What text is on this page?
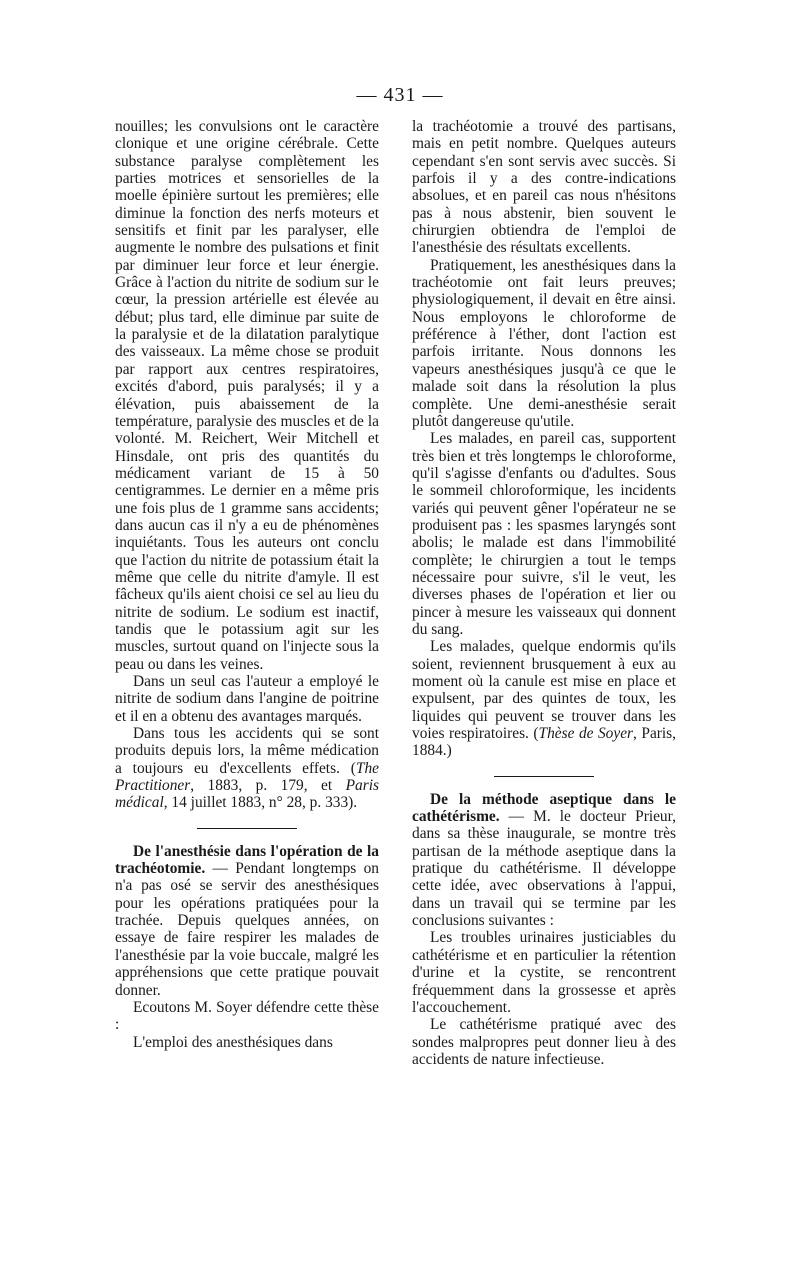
— 431 —

nouilles; les convulsions ont le caractère clonique et une origine cérébrale. Cette substance paralyse complètement les parties motrices et sensorielles de la moelle épinière surtout les premières; elle diminue la fonction des nerfs moteurs et sensitifs et finit par les paralyser, elle augmente le nombre des pulsations et finit par diminuer leur force et leur énergie. Grâce à l'action du nitrite de sodium sur le cœur, la pression artérielle est élevée au début; plus tard, elle diminue par suite de la paralysie et de la dilatation paralytique des vaisseaux. La même chose se produit par rapport aux centres respiratoires, excités d'abord, puis paralysés; il y a élévation, puis abaissement de la température, paralysie des muscles et de la volonté. M. Reichert, Weir Mitchell et Hinsdale, ont pris des quantités du médicament variant de 15 à 50 centigrammes. Le dernier en a même pris une fois plus de 1 gramme sans accidents; dans aucun cas il n'y a eu de phénomènes inquiétants. Tous les auteurs ont conclu que l'action du nitrite de potassium était la même que celle du nitrite d'amyle. Il est fâcheux qu'ils aient choisi ce sel au lieu du nitrite de sodium. Le sodium est inactif, tandis que le potassium agit sur les muscles, surtout quand on l'injecte sous la peau ou dans les veines.

Dans un seul cas l'auteur a employé le nitrite de sodium dans l'angine de poitrine et il en a obtenu des avantages marqués.

Dans tous les accidents qui se sont produits depuis lors, la même médication a toujours eu d'excellents effets. (The Practitioner, 1883, p. 179, et Paris médical, 14 juillet 1883, n° 28, p. 333).

De l'anesthésie dans l'opération de la trachéotomie. — Pendant longtemps on n'a pas osé se servir des anesthésiques pour les opérations pratiquées pour la trachée. Depuis quelques années, on essaye de faire respirer les malades de l'anesthésie par la voie buccale, malgré les appréhensions que cette pratique pouvait donner.

Ecoutons M. Soyer défendre cette thèse :

L'emploi des anesthésiques dans

la trachéotomie a trouvé des partisans, mais en petit nombre. Quelques auteurs cependant s'en sont servis avec succès. Si parfois il y a des contre-indications absolues, et en pareil cas nous n'hésitons pas à nous abstenir, bien souvent le chirurgien obtiendra de l'emploi de l'anesthésie des résultats excellents.

Pratiquement, les anesthésiques dans la trachéotomie ont fait leurs preuves; physiologiquement, il devait en être ainsi. Nous employons le chloroforme de préférence à l'éther, dont l'action est parfois irritante. Nous donnons les vapeurs anesthésiques jusqu'à ce que le malade soit dans la résolution la plus complète. Une demi-anesthésie serait plutôt dangereuse qu'utile.

Les malades, en pareil cas, supportent très bien et très longtemps le chloroforme, qu'il s'agisse d'enfants ou d'adultes. Sous le sommeil chloroformique, les incidents variés qui peuvent gêner l'opérateur ne se produisent pas : les spasmes laryngés sont abolis; le malade est dans l'immobilité complète; le chirurgien a tout le temps nécessaire pour suivre, s'il le veut, les diverses phases de l'opération et lier ou pincer à mesure les vaisseaux qui donnent du sang.

Les malades, quelque endormis qu'ils soient, reviennent brusquement à eux au moment où la canule est mise en place et expulsent, par des quintes de toux, les liquides qui peuvent se trouver dans les voies respiratoires. (Thèse de Soyer, Paris, 1884.)

De la méthode aseptique dans le cathétérisme. — M. le docteur Prieur, dans sa thèse inaugurale, se montre très partisan de la méthode aseptique dans la pratique du cathétérisme. Il développe cette idée, avec observations à l'appui, dans un travail qui se termine par les conclusions suivantes :

Les troubles urinaires justiciables du cathétérisme et en particulier la rétention d'urine et la cystite, se rencontrent fréquemment dans la grossesse et après l'accouchement.

Le cathétérisme pratiqué avec des sondes malpropres peut donner lieu à des accidents de nature infectieuse.
